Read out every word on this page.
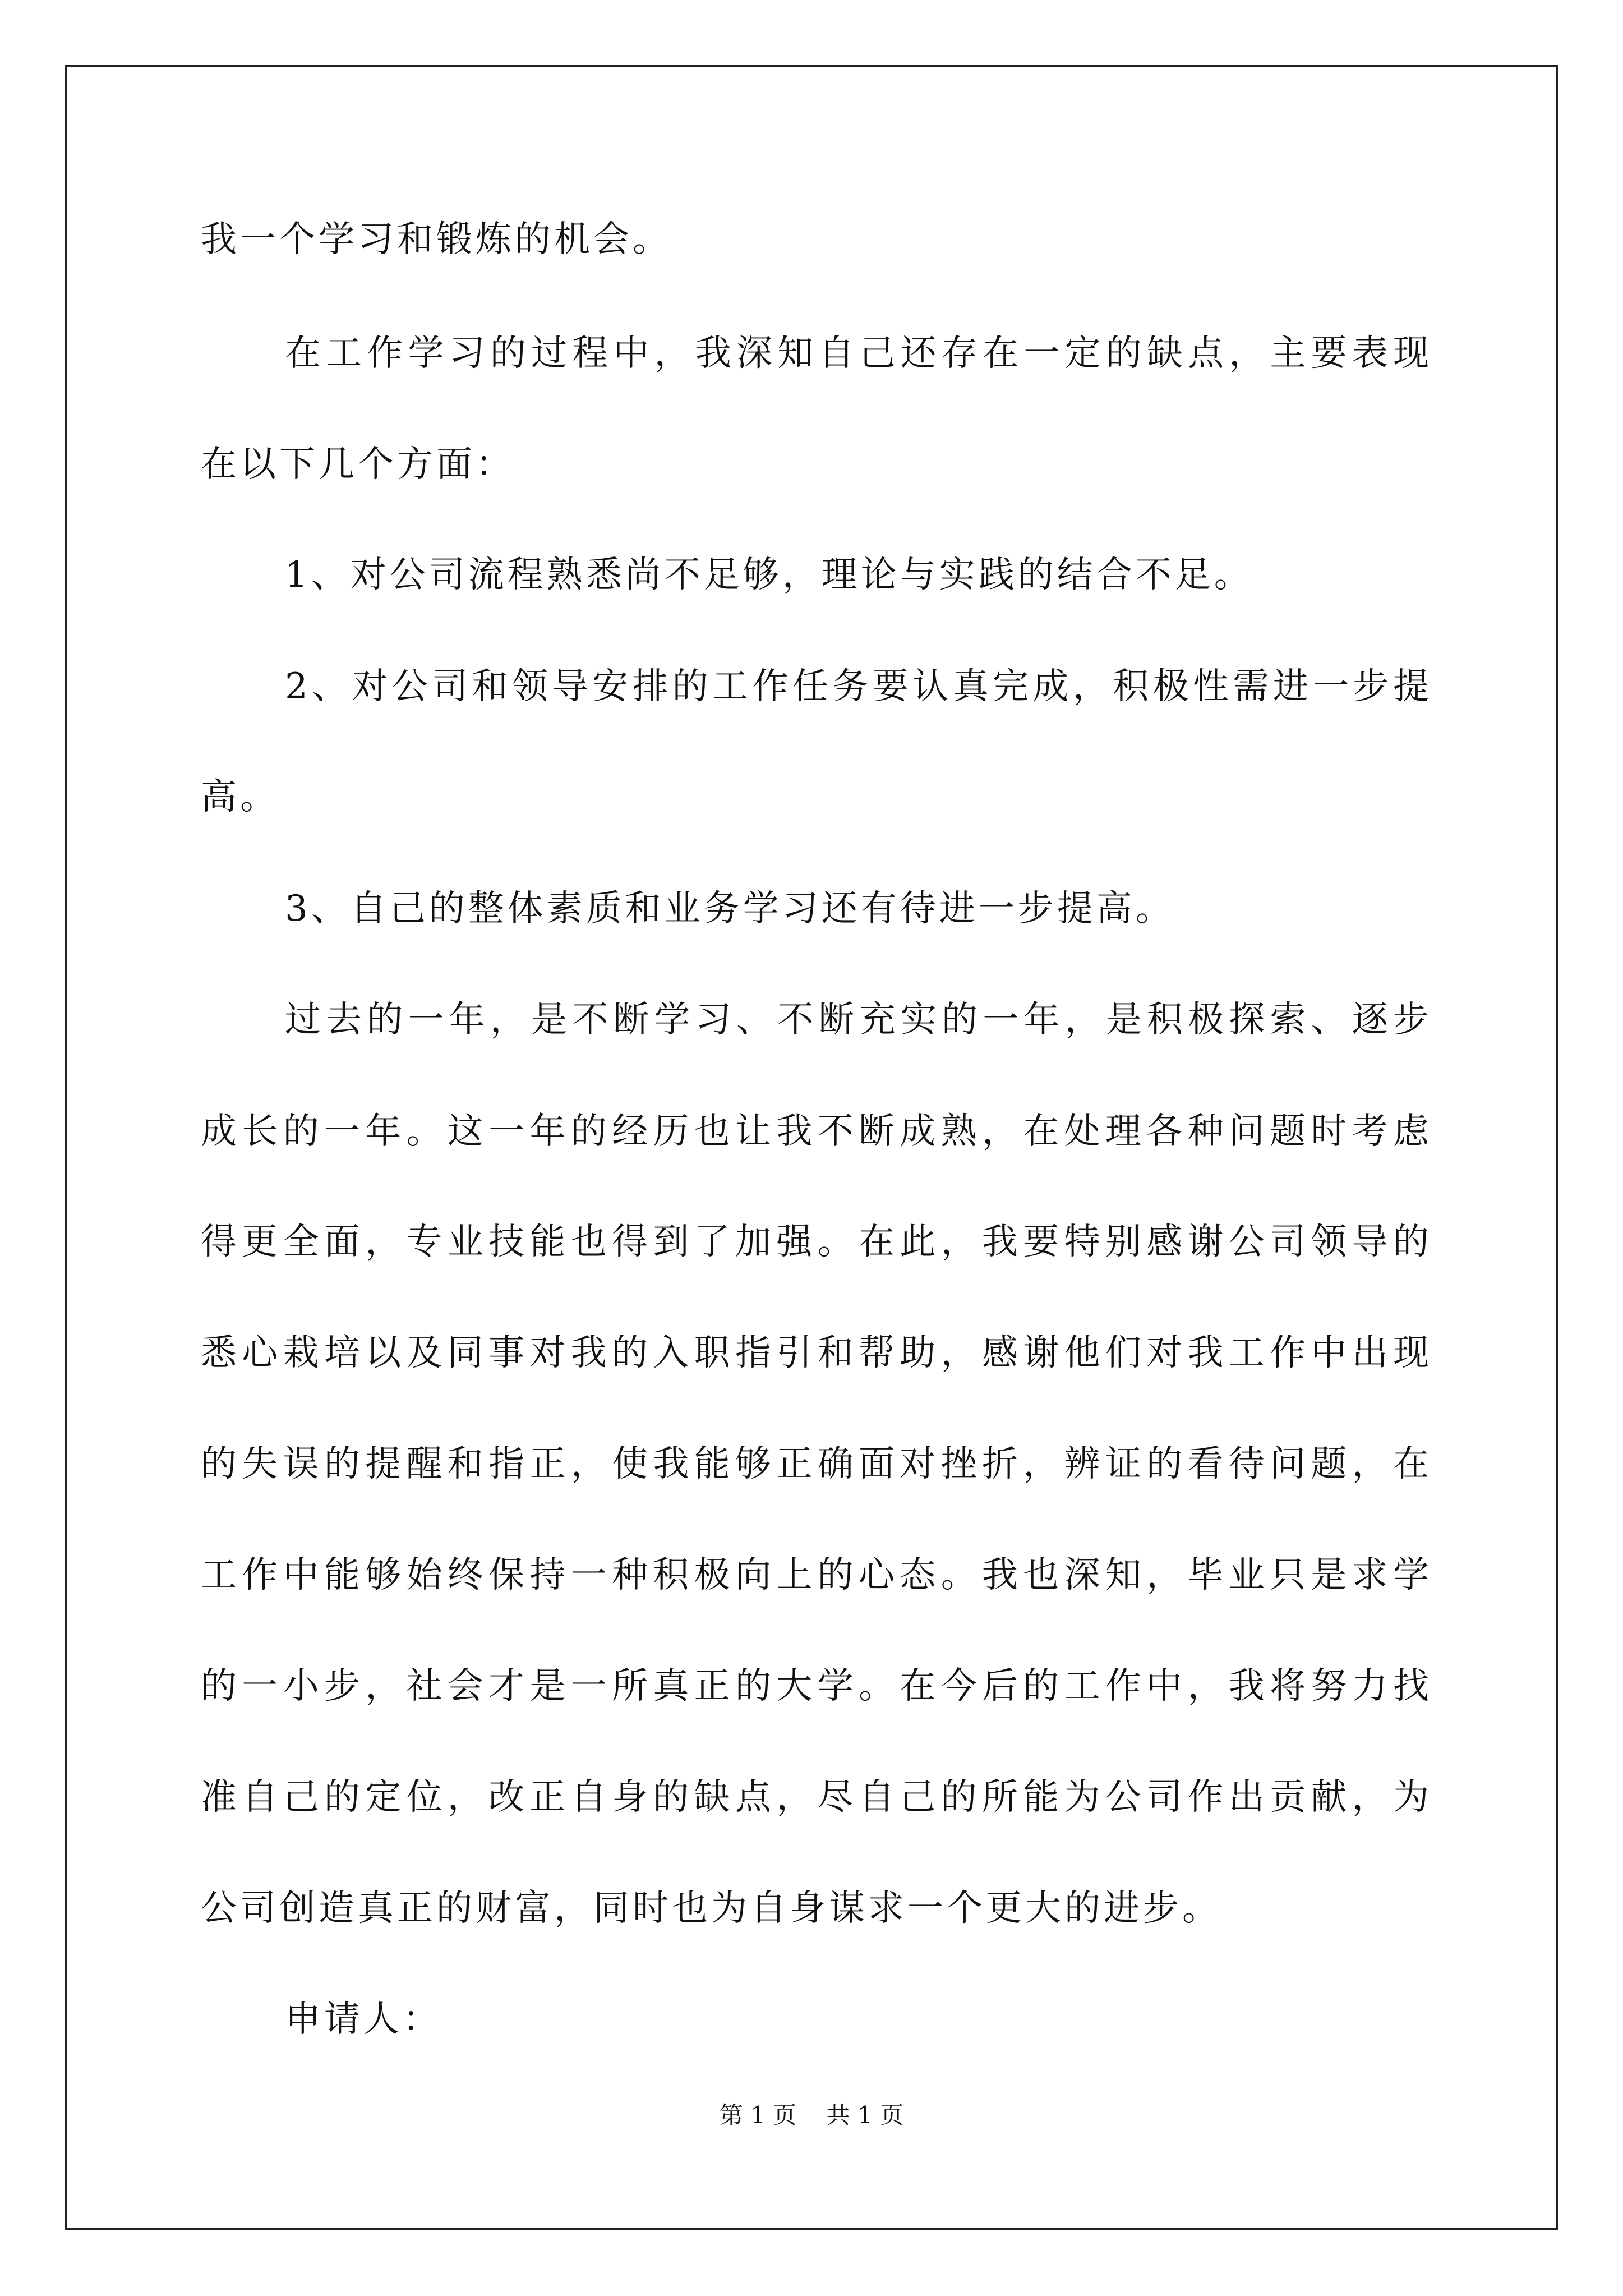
我一个学习和锻炼的机会。
在工作学习的过程中，我深知自己还存在一定的缺点，主要表现
在以下几个方面：
1、对公司流程熟悉尚不足够，理论与实践的结合不足。
2、对公司和领导安排的工作任务要认真完成，积极性需进一步提
高。
3、自己的整体素质和业务学习还有待进一步提高。
过去的一年，是不断学习、不断充实的一年，是积极探索、逐步
成长的一年。这一年的经历也让我不断成熟，在处理各种问题时考虑
得更全面，专业技能也得到了加强。在此，我要特别感谢公司领导的
悉心栽培以及同事对我的入职指引和帮助，感谢他们对我工作中出现
的失误的提醒和指正，使我能够正确面对挫折，辨证的看待问题，在
工作中能够始终保持一种积极向上的心态。我也深知，毕业只是求学
的一小步，社会才是一所真正的大学。在今后的工作中，我将努力找
准自己的定位，改正自身的缺点，尽自己的所能为公司作出贡献，为
公司创造真正的财富，同时也为自身谋求一个更大的进步。
申请人：
第 1 页    共 1 页
